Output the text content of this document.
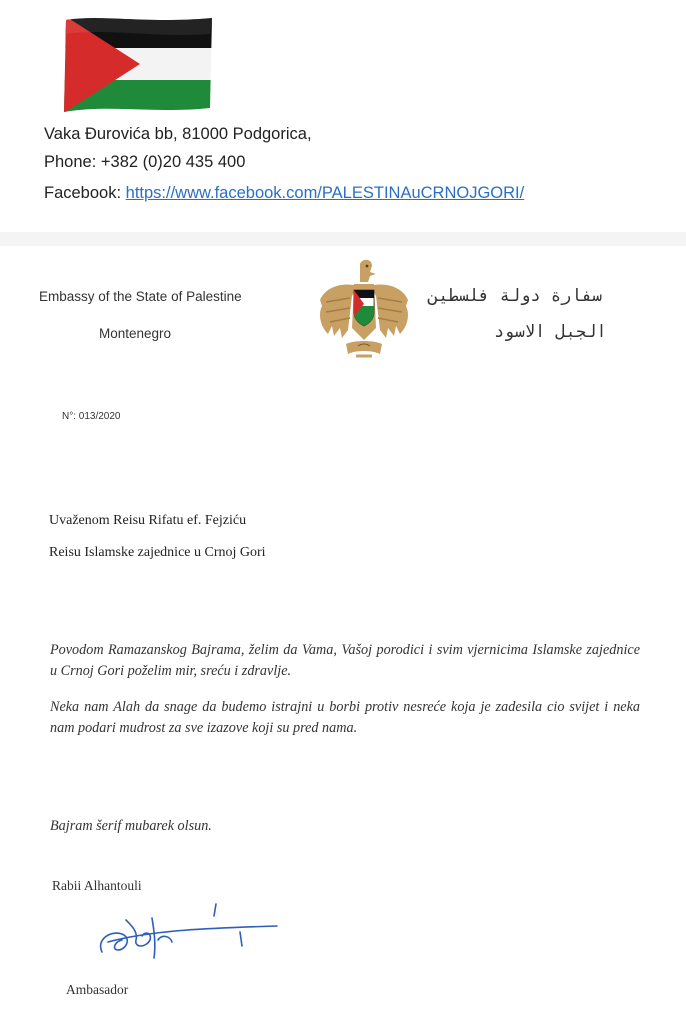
Vaka Đurovića bb, 81000 Podgorica,

Phone: +382 (0)20 435 400

Facebook: https://www.facebook.com/PALESTINAuCRNOJGORI/

Embassy of the State of Palestine

Montenegro

سفارة دولة فلسطين

الجبل الاسود

N°: 013/2020

Uvaženom Reisu Rifatu ef. Fejziću

Reisu Islamske zajednice u Crnoj Gori

Povodom Ramazanskog Bajrama, želim da Vama, Vašoj porodici i svim vjernicima Islamske zajednice u Crnoj Gori poželim mir, sreću i zdravlje.

Neka nam Alah da snage da budemo istrajni u borbi protiv nesreće koja je zadesila cio svijet i neka nam podari mudrost za sve izazove koji su pred nama.

Bajram šerif mubarek olsun.

Rabii Alhantouli

Ambasador
